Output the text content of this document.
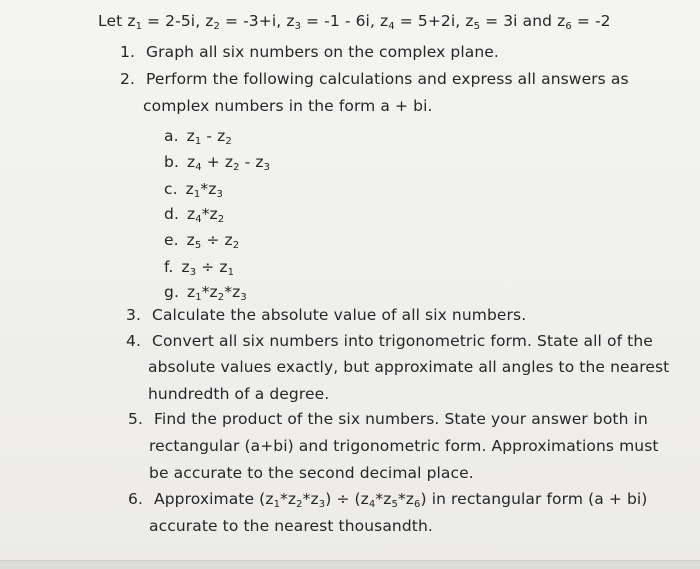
Let $z_1 = 2-5i$, $z_2 = -3+i$, $z_3 = -1 - 6i$, $z_4 = 5+2i$, $z_5 = 3i$ and $z_6 = -2$
1. Graph all six numbers on the complex plane.
2. Perform the following calculations and express all answers as
complex numbers in the form a + bi.
a. $z_1 - z_2$
b. $z_4 + z_2 - z_3$
c. $z_1*z_3$
d. $z_4*z_2$
e. $z_5 \div z_2$
f. $z_3 \div z_1$
g. $z_1*z_2*z_3$
3. Calculate the absolute value of all six numbers.
4. Convert all six numbers into trigonometric form. State all of the
absolute values exactly, but approximate all angles to the nearest
hundredth of a degree.
5. Find the product of the six numbers. State your answer both in
rectangular (a+bi) and trigonometric form. Approximations must
be accurate to the second decimal place.
6. Approximate $(z_1*z_2*z_3) \div (z_4*z_5*z_6)$ in rectangular form (a + bi)
accurate to the nearest thousandth.
